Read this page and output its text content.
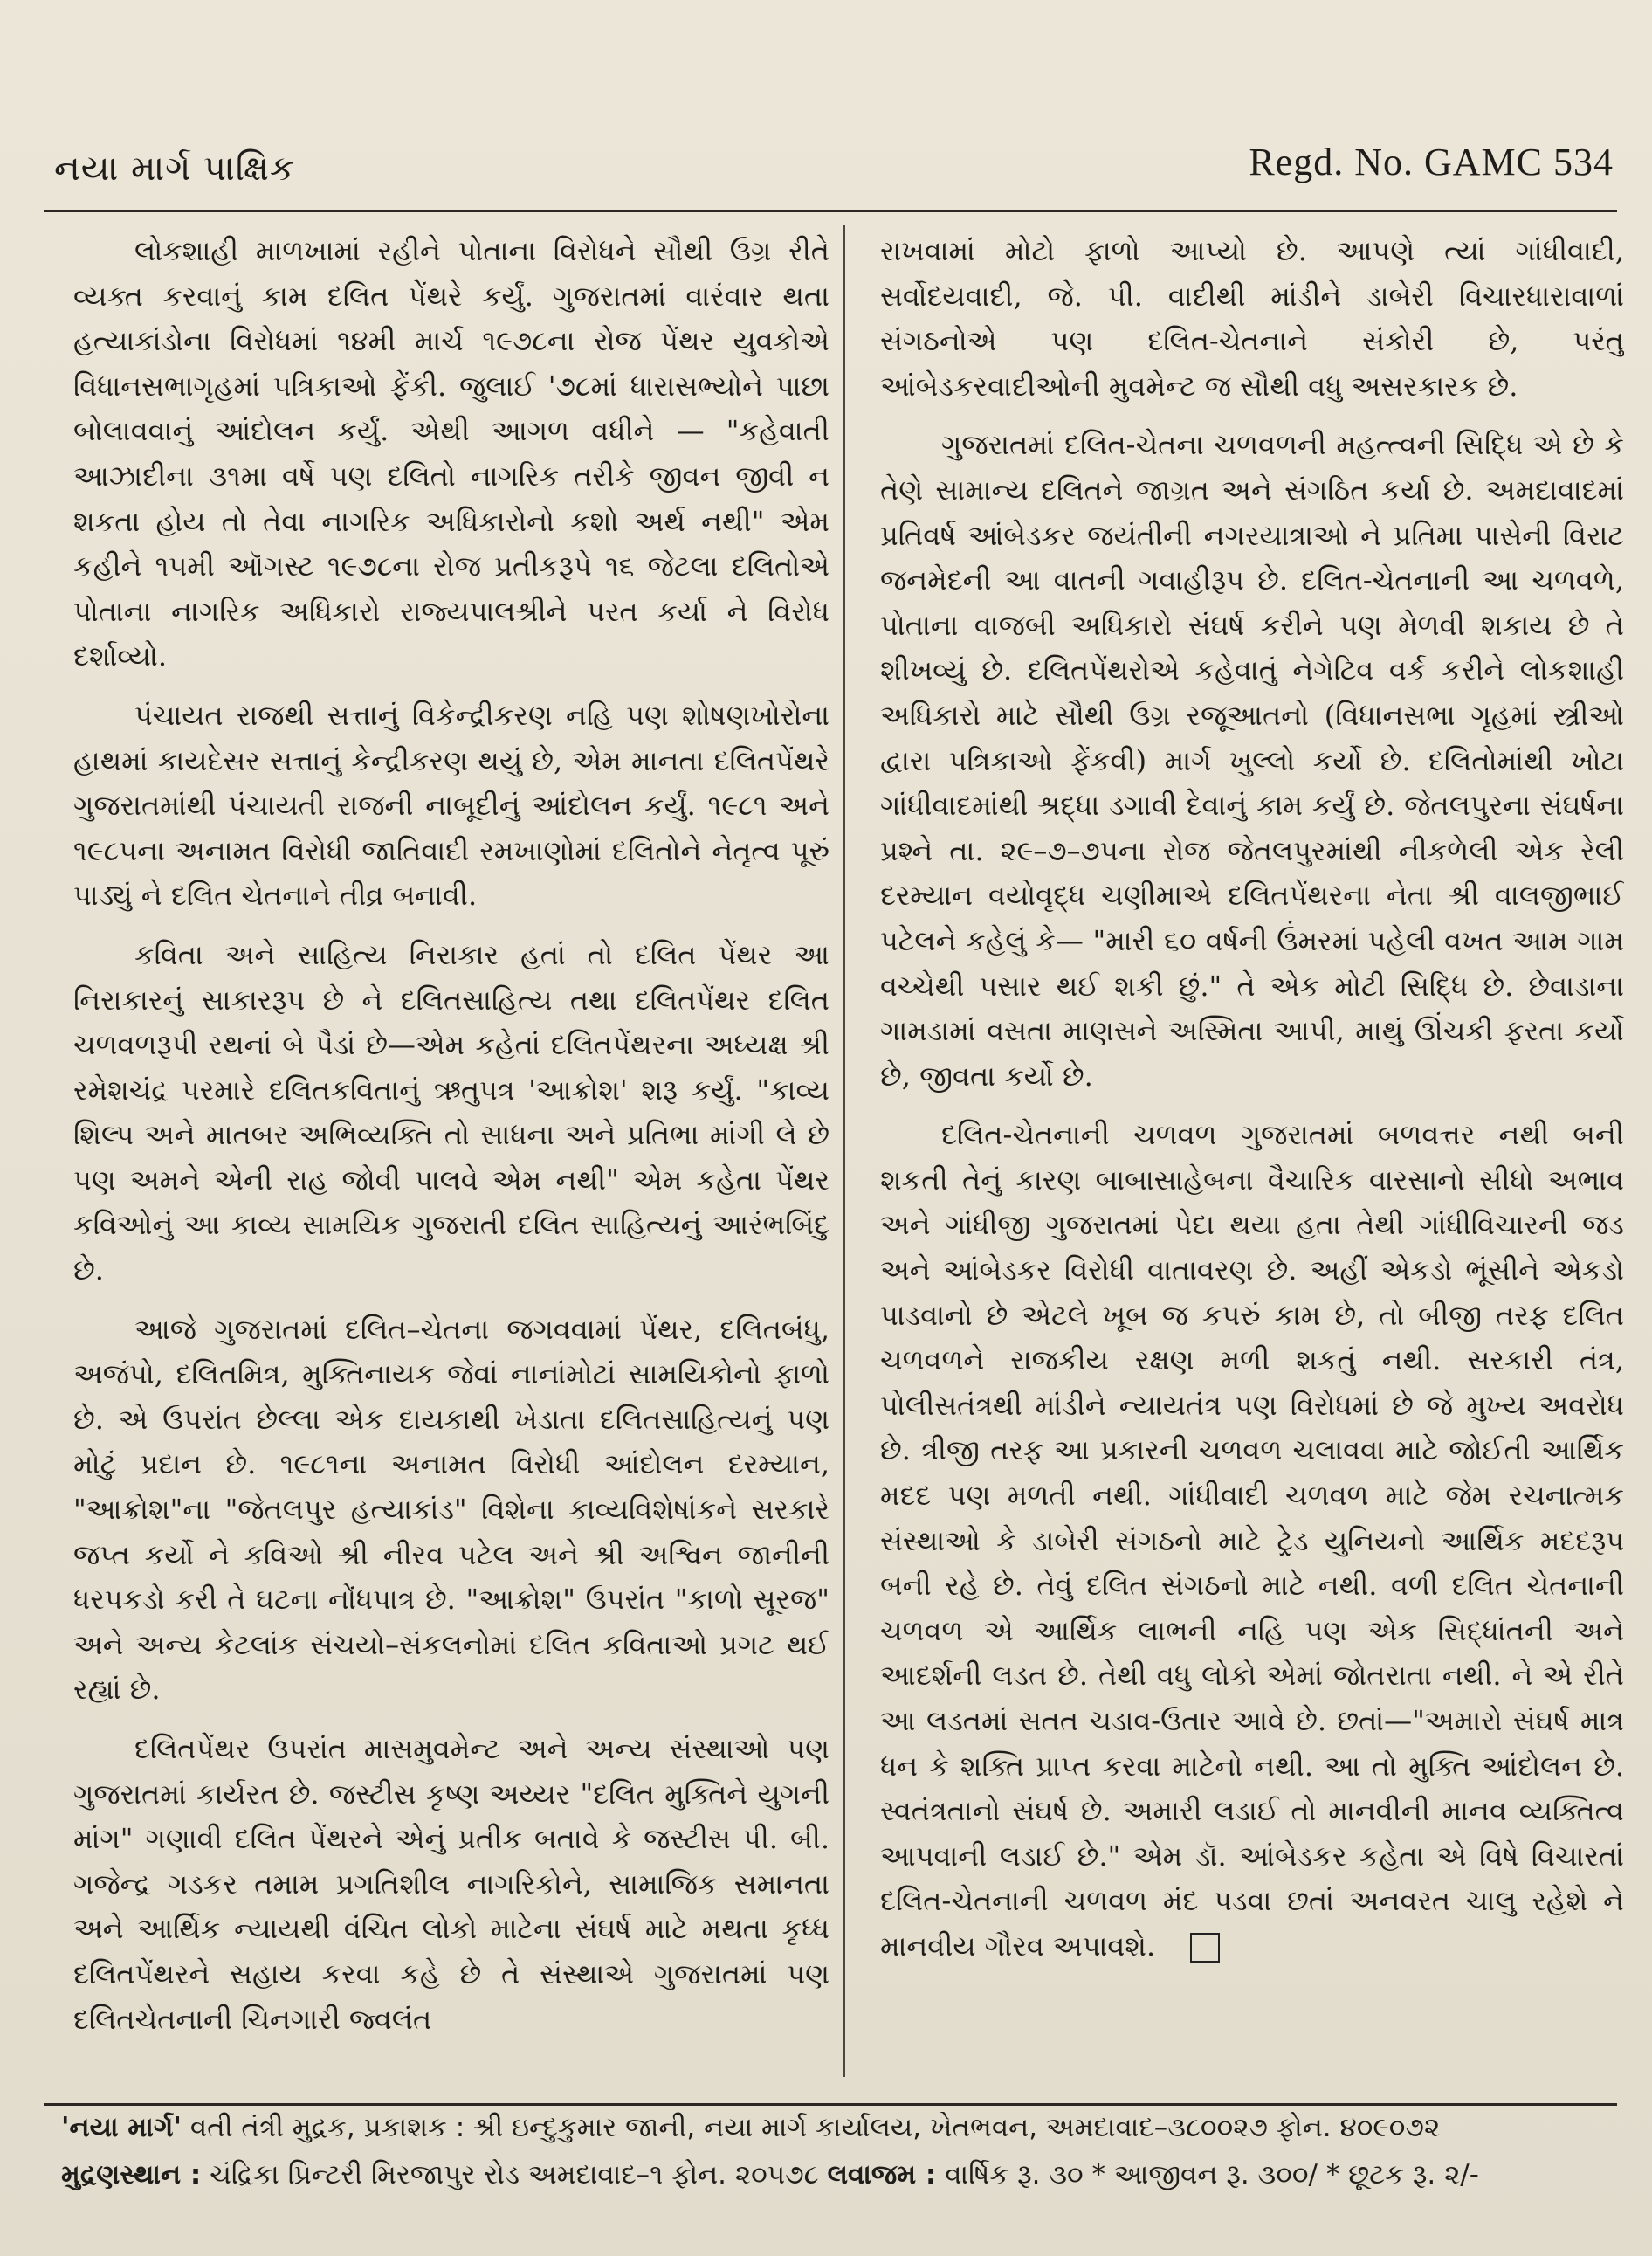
નયા માર્ગ પાક્ષિક	Regd. No. GAMC 534

લોકશાહી માળખામાં રહીને પોતાના વિરોધને સૌથી ઉગ્ર રીતે વ્યક્ત કરવાનું કામ દલિત પેંથરે કર્યું. ગુજરાતમાં વારંવાર થતા હત્યાકાંડોના વિરોધમાં ૧૪મી માર્ચ ૧૯૭૮ના રોજ પેંથર યુવકોએ વિધાનસભાગૃહમાં પત્રિકાઓ ફેંકી. જુલાઈ '૭૮માં ધારાસભ્યોને પાછા બોલાવવાનું આંદોલન કર્યું. એથી આગળ વધીને — "કહેવાતી આઝાદીના ૩૧મા વર્ષે પણ દલિતો નાગરિક તરીકે જીવન જીવી ન શકતા હોય તો તેવા નાગરિક અધિકારોનો કશો અર્થ નથી" એમ કહીને ૧૫મી ઑગસ્ટ ૧૯૭૮ના રોજ પ્રતીકરૂપે ૧૬ જેટલા દલિતોએ પોતાના નાગરિક અધિકારો રાજ્યપાલશ્રીને પરત કર્યા ને વિરોધ દર્શાવ્યો.

પંચાયત રાજથી સત્તાનું વિકેન્દ્રીકરણ નહિ પણ શોષણખોરોના હાથમાં કાયદેસર સત્તાનું કેન્દ્રીકરણ થયું છે, એમ માનતા દલિતપેંથરે ગુજરાતમાંથી પંચાયતી રાજની નાબૂદીનું આંદોલન કર્યું. ૧૯૮૧ અને ૧૯૮૫ના અનામત વિરોધી જાતિવાદી રમખાણોમાં દલિતોને નેતૃત્વ પૂરું પાડ્યું ને દલિત ચેતનાને તીવ્ર બનાવી.

કવિતા અને સાહિત્ય નિરાકાર હતાં તો દલિત પેંથર આ નિરાકારનું સાકારરૂપ છે ને દલિતસાહિત્ય તથા દલિતપેંથર દલિત ચળવળરૂપી રથનાં બે પૈડાં છે—એમ કહેતાં દલિતપેંથરના અધ્યક્ષ શ્રી રમેશચંદ્ર પરમારે દલિતકવિતાનું ઋતુપત્ર 'આક્રોશ' શરૂ કર્યું. "કાવ્ય શિલ્પ અને માતબર અભિવ્યક્તિ તો સાધના અને પ્રતિભા માંગી લે છે પણ અમને એની રાહ જોવી પાલવે એમ નથી" એમ કહેતા પેંથર કવિઓનું આ કાવ્ય સામયિક ગુજરાતી દલિત સાહિત્યનું આરંભબિંદુ છે.

આજે ગુજરાતમાં દલિત–ચેતના જગવવામાં પેંથર, દલિતબંધુ, અજંપો, દલિતમિત્ર, મુક્તિનાયક જેવાં નાનાંમોટાં સામયિકોનો ફાળો છે. એ ઉપરાંત છેલ્લા એક દાયકાથી ખેડાતા દલિતસાહિત્યનું પણ મોટું પ્રદાન છે. ૧૯૮૧ના અનામત વિરોધી આંદોલન દરમ્યાન, "આક્રોશ"ના "જેતલપુર હત્યાકાંડ" વિશેના કાવ્યવિશેષાંકને સરકારે જપ્ત કર્યો ને કવિઓ શ્રી નીરવ પટેલ અને શ્રી અશ્વિન જાનીની ધરપકડો કરી તે ઘટના નોંધપાત્ર છે. "આક્રોશ" ઉપરાંત "કાળો સૂરજ" અને અન્ય કેટલાંક સંચયો–સંકલનોમાં દલિત કવિતાઓ પ્રગટ થઈ રહ્યાં છે.

દલિતપેંથર ઉપરાંત માસમુવમેન્ટ અને અન્ય સંસ્થાઓ પણ ગુજરાતમાં કાર્યરત છે. જસ્ટીસ કૃષ્ણ અય્યર "દલિત મુક્તિને યુગની માંગ" ગણાવી દલિત પેંથરને એનું પ્રતીક બતાવે કે જસ્ટીસ પી. બી. ગજેન્દ્ર ગડકર તમામ પ્રગતિશીલ નાગરિકોને, સામાજિક સમાનતા અને આર્થિક ન્યાયથી વંચિત લોકો માટેના સંઘર્ષ માટે મથતા કૃધ્ધ દલિતપેંથરને સહાય કરવા કહે છે તે સંસ્થાએ ગુજરાતમાં પણ દલિતચેતનાની ચિનગારી જ્વલંત

રાખવામાં મોટો ફાળો આપ્યો છે. આપણે ત્યાં ગાંધીવાદી, સર્વોદયવાદી, જે. પી. વાદીથી માંડીને ડાબેરી વિચારધારાવાળાં સંગઠનોએ પણ દલિત-ચેતનાને સંકોરી છે, પરંતુ આંબેડકરવાદીઓની મુવમેન્ટ જ સૌથી વધુ અસરકારક છે.

ગુજરાતમાં દલિત-ચેતના ચળવળની મહત્ત્વની સિદ્ધિ એ છે કે તેણે સામાન્ય દલિતને જાગ્રત અને સંગઠિત કર્યા છે. અમદાવાદમાં પ્રતિવર્ષ આંબેડકર જયંતીની નગરયાત્રાઓ ને પ્રતિમા પાસેની વિરાટ જનમેદની આ વાતની ગવાહીરૂપ છે. દલિત-ચેતનાની આ ચળવળે, પોતાના વાજબી અધિકારો સંઘર્ષ કરીને પણ મેળવી શકાય છે તે શીખવ્યું છે. દલિતપેંથરોએ કહેવાતું નેગેટિવ વર્ક કરીને લોકશાહી અધિકારો માટે સૌથી ઉગ્ર રજૂઆતનો (વિધાનસભા ગૃહમાં સ્ત્રીઓ દ્વારા પત્રિકાઓ ફેંકવી) માર્ગ ખુલ્લો કર્યો છે. દલિતોમાંથી ખોટા ગાંધીવાદમાંથી શ્રદ્ધા ડગાવી દેવાનું કામ કર્યું છે. જેતલપુરના સંઘર્ષના પ્રશ્ને તા. ૨૯–૭–૭૫ના રોજ જેતલપુરમાંથી નીકળેલી એક રેલી દરમ્યાન વયોવૃદ્ધ ચણીમાએ દલિતપેંથરના નેતા શ્રી વાલજીભાઈ પટેલને કહેલું કે— "મારી ૬૦ વર્ષની ઉંમરમાં પહેલી વખત આમ ગામ વચ્ચેથી પસાર થઈ શકી છું." તે એક મોટી સિદ્ધિ છે. છેવાડાના ગામડામાં વસતા માણસને અસ્મિતા આપી, માથું ઊંચકી ફરતા કર્યો છે, જીવતા કર્યો છે.

દલિત-ચેતનાની ચળવળ ગુજરાતમાં બળવત્તર નથી બની શકતી તેનું કારણ બાબાસાહેબના વૈચારિક વારસાનો સીધો અભાવ અને ગાંધીજી ગુજરાતમાં પેદા થયા હતા તેથી ગાંધીવિચારની જડ અને આંબેડકર વિરોધી વાતાવરણ છે. અહીં એકડો ભૂંસીને એકડો પાડવાનો છે એટલે ખૂબ જ કપરું કામ છે, તો બીજી તરફ દલિત ચળવળને રાજકીય રક્ષણ મળી શકતું નથી. સરકારી તંત્ર, પોલીસતંત્રથી માંડીને ન્યાયતંત્ર પણ વિરોધમાં છે જે મુખ્ય અવરોધ છે. ત્રીજી તરફ આ પ્રકારની ચળવળ ચલાવવા માટે જોઈતી આર્થિક મદદ પણ મળતી નથી. ગાંધીવાદી ચળવળ માટે જેમ રચનાત્મક સંસ્થાઓ કે ડાબેરી સંગઠનો માટે ટ્રેડ યુનિયનો આર્થિક મદદરૂપ બની રહે છે. તેવું દલિત સંગઠનો માટે નથી. વળી દલિત ચેતનાની ચળવળ એ આર્થિક લાભની નહિ પણ એક સિદ્ધાંતની અને આદર્શની લડત છે. તેથી વધુ લોકો એમાં જોતરાતા નથી. ને એ રીતે આ લડતમાં સતત ચડાવ-ઉતાર આવે છે. છતાં—"અમારો સંઘર્ષ માત્ર ધન કે શક્તિ પ્રાપ્ત કરવા માટેનો નથી. આ તો મુક્તિ આંદોલન છે. સ્વતંત્રતાનો સંઘર્ષ છે. અમારી લડાઈ તો માનવીની માનવ વ્યક્તિત્વ આપવાની લડાઈ છે." એમ ડૉ. આંબેડકર કહેતા એ વિષે વિચારતાં દલિત-ચેતનાની ચળવળ મંદ પડવા છતાં અનવરત ચાલુ રહેશે ને માનવીય ગૌરવ અપાવશે.

'નયા માર્ગ' વતી તંત્રી મુદ્રક, પ્રકાશક : શ્રી ઇન્દુકુમાર જાની, નયા માર્ગ કાર્યાલય, ખેતભવન, અમદાવાદ–૩૮૦૦૨૭ ફોન. ૪૦૯૦૭૨
મુદ્રણસ્થાન : ચંદ્રિકા પ્રિન્ટરી મિરજાપુર રોડ અમદાવાદ–૧ ફોન. ૨૦૫૭૮ લવાજમ : વાર્ષિક રૂ. ૩૦ * આજીવન રૂ. ૩૦૦/ * છૂટક રૂ. ૨/-
